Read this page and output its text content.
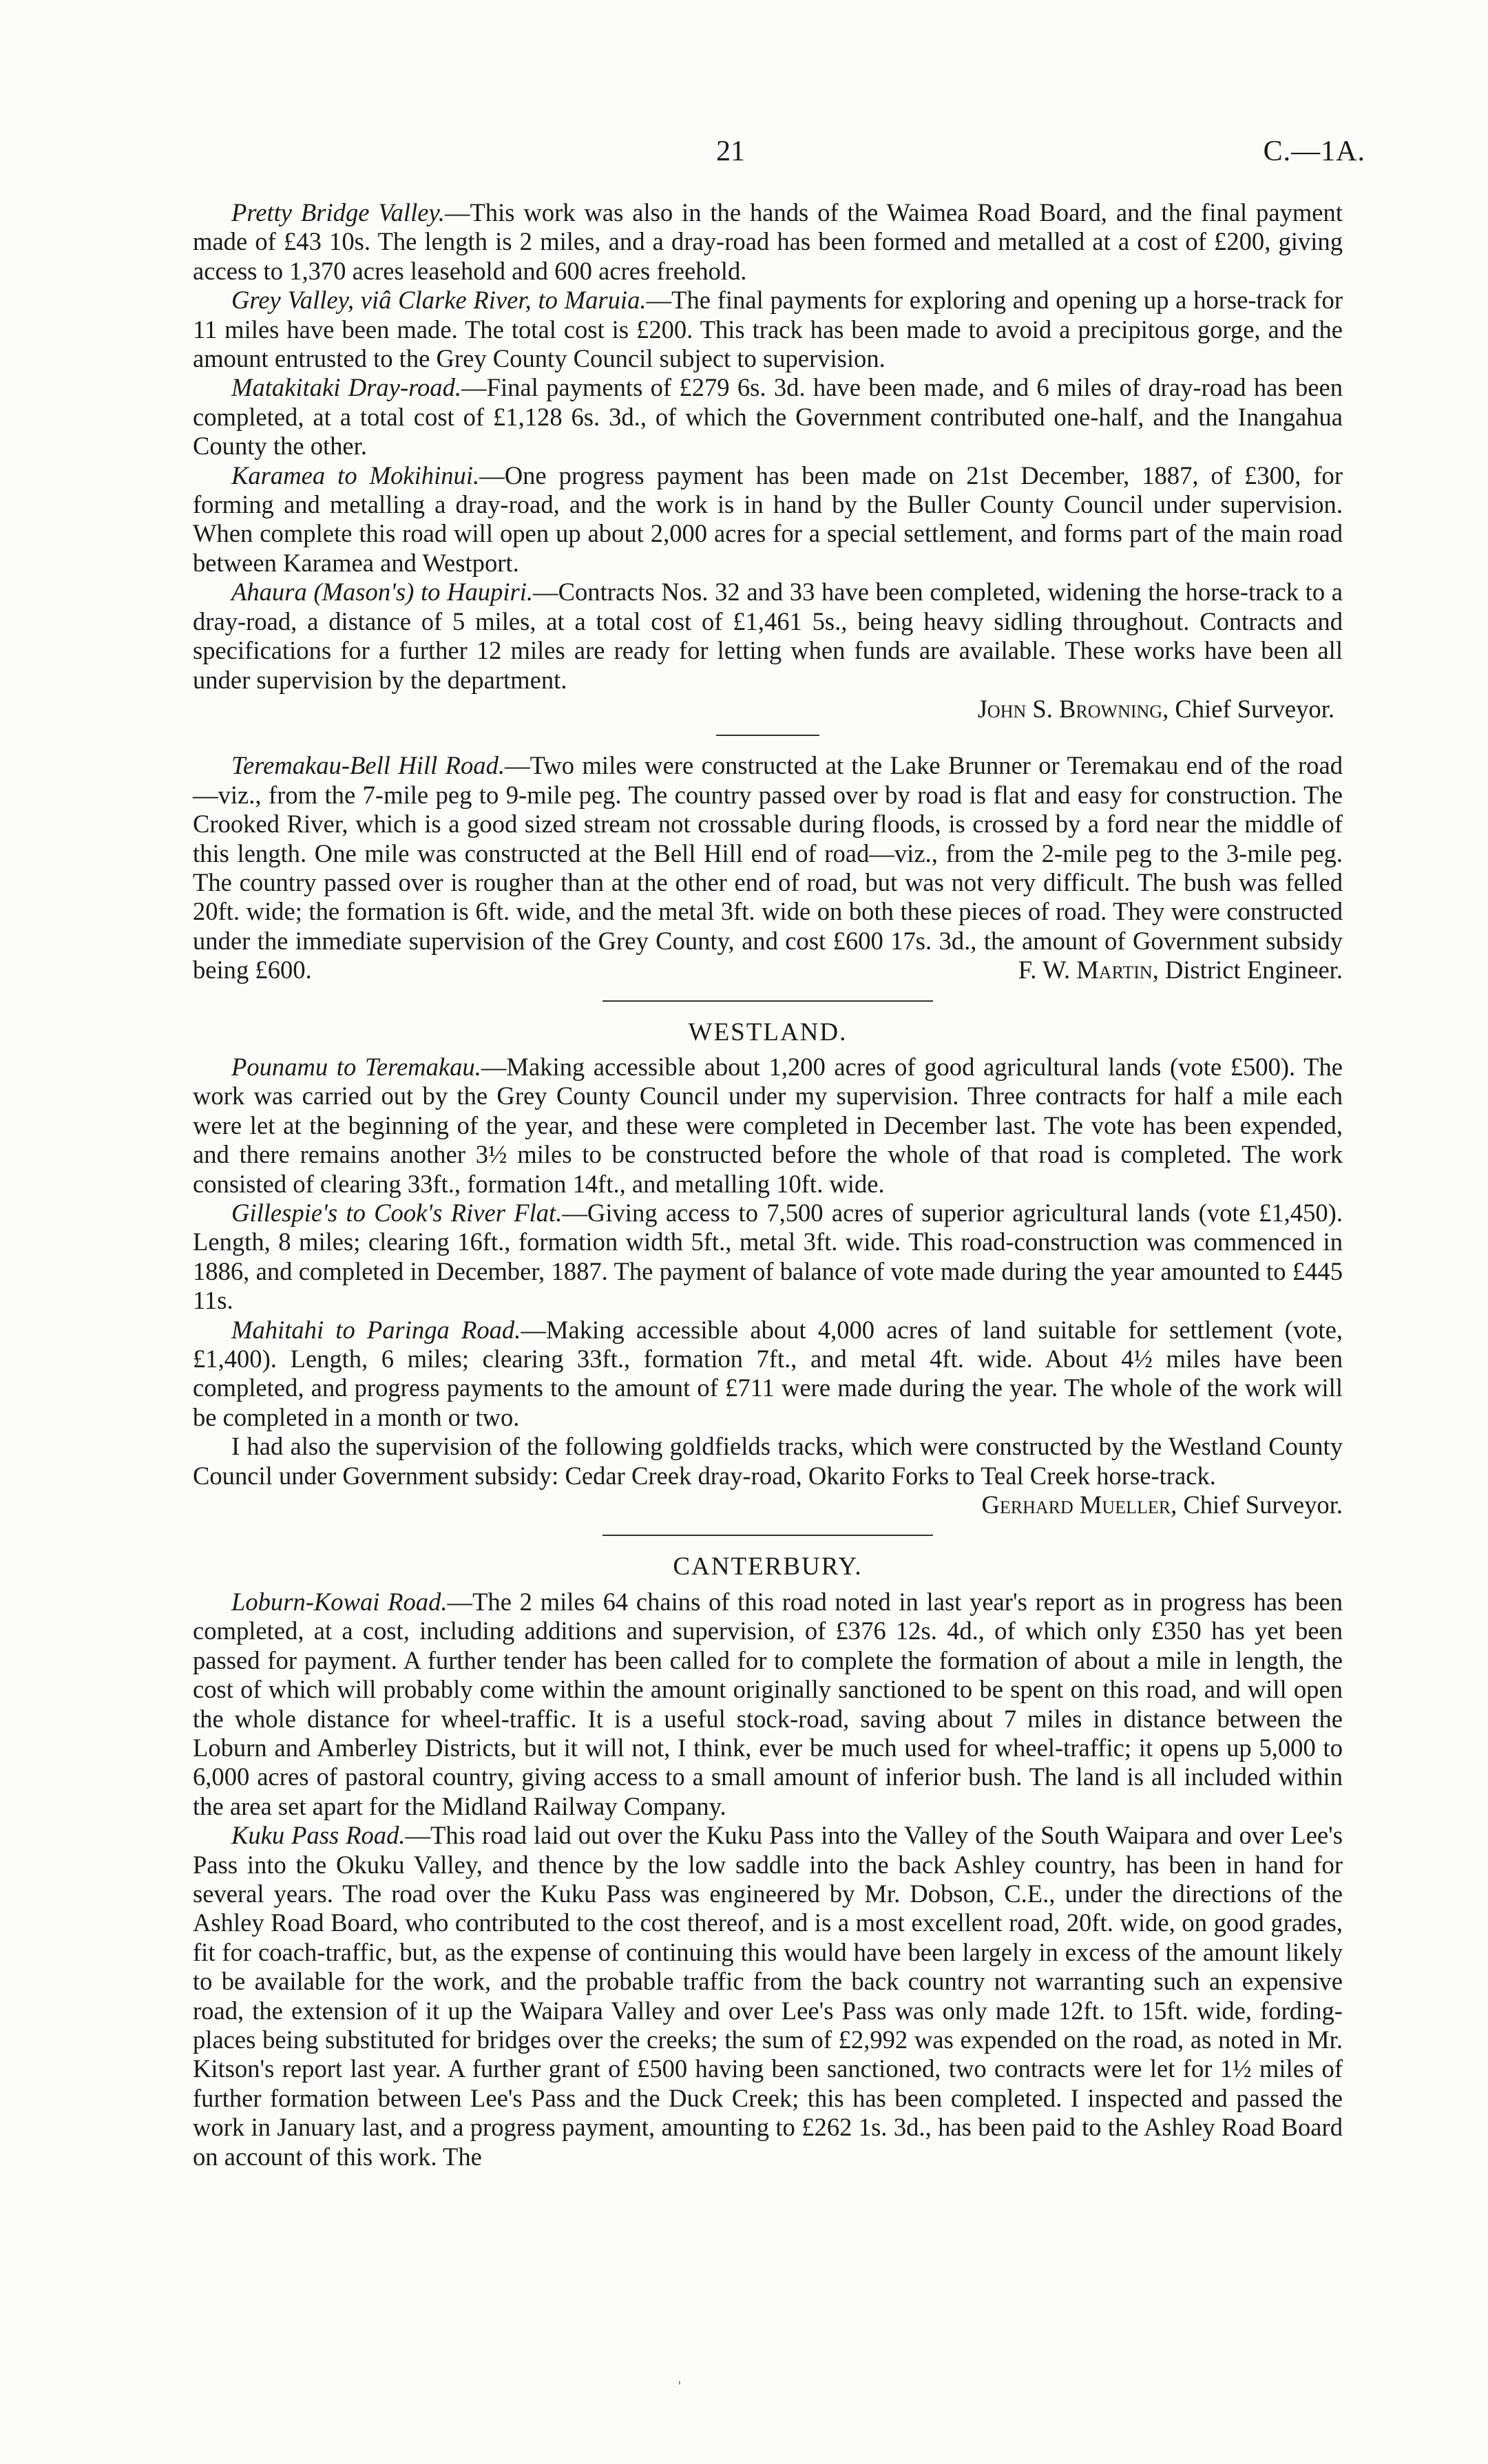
21	C.—1A.

Pretty Bridge Valley.—This work was also in the hands of the Waimea Road Board, and the final payment made of £43 10s. The length is 2 miles, and a dray-road has been formed and metalled at a cost of £200, giving access to 1,370 acres leasehold and 600 acres freehold.

Grey Valley, viâ Clarke River, to Maruia.—The final payments for exploring and opening up a horse-track for 11 miles have been made. The total cost is £200. This track has been made to avoid a precipitous gorge, and the amount entrusted to the Grey County Council subject to supervision.

Matakitaki Dray-road.—Final payments of £279 6s. 3d. have been made, and 6 miles of dray-road has been completed, at a total cost of £1,128 6s. 3d., of which the Government contributed one-half, and the Inangahua County the other.

Karamea to Mokihinui.—One progress payment has been made on 21st December, 1887, of £300, for forming and metalling a dray-road, and the work is in hand by the Buller County Council under supervision. When complete this road will open up about 2,000 acres for a special settlement, and forms part of the main road between Karamea and Westport.

Ahaura (Mason's) to Haupiri.—Contracts Nos. 32 and 33 have been completed, widening the horse-track to a dray-road, a distance of 5 miles, at a total cost of £1,461 5s., being heavy sidling throughout. Contracts and specifications for a further 12 miles are ready for letting when funds are available. These works have been all under supervision by the department.

John S. Browning, Chief Surveyor.

Teremakau-Bell Hill Road.—Two miles were constructed at the Lake Brunner or Teremakau end of the road—viz., from the 7-mile peg to 9-mile peg. The country passed over by road is flat and easy for construction. The Crooked River, which is a good sized stream not crossable during floods, is crossed by a ford near the middle of this length. One mile was constructed at the Bell Hill end of road—viz., from the 2-mile peg to the 3-mile peg. The country passed over is rougher than at the other end of road, but was not very difficult. The bush was felled 20ft. wide; the formation is 6ft. wide, and the metal 3ft. wide on both these pieces of road. They were constructed under the immediate supervision of the Grey County, and cost £600 17s. 3d., the amount of Government subsidy being £600.	F. W. Martin, District Engineer.

WESTLAND.

Pounamu to Teremakau.—Making accessible about 1,200 acres of good agricultural lands (vote £500). The work was carried out by the Grey County Council under my supervision. Three contracts for half a mile each were let at the beginning of the year, and these were completed in December last. The vote has been expended, and there remains another 3½ miles to be constructed before the whole of that road is completed. The work consisted of clearing 33ft., formation 14ft., and metalling 10ft. wide.

Gillespie's to Cook's River Flat.—Giving access to 7,500 acres of superior agricultural lands (vote £1,450). Length, 8 miles; clearing 16ft., formation width 5ft., metal 3ft. wide. This road-construction was commenced in 1886, and completed in December, 1887. The payment of balance of vote made during the year amounted to £445 11s.

Mahitahi to Paringa Road.—Making accessible about 4,000 acres of land suitable for settlement (vote, £1,400). Length, 6 miles; clearing 33ft., formation 7ft., and metal 4ft. wide. About 4½ miles have been completed, and progress payments to the amount of £711 were made during the year. The whole of the work will be completed in a month or two.

I had also the supervision of the following goldfields tracks, which were constructed by the Westland County Council under Government subsidy: Cedar Creek dray-road, Okarito Forks to Teal Creek horse-track.
Gerhard Mueller, Chief Surveyor.

CANTERBURY.

Loburn-Kowai Road.—The 2 miles 64 chains of this road noted in last year's report as in progress has been completed, at a cost, including additions and supervision, of £376 12s. 4d., of which only £350 has yet been passed for payment. A further tender has been called for to complete the formation of about a mile in length, the cost of which will probably come within the amount originally sanctioned to be spent on this road, and will open the whole distance for wheel-traffic. It is a useful stock-road, saving about 7 miles in distance between the Loburn and Amberley Districts, but it will not, I think, ever be much used for wheel-traffic; it opens up 5,000 to 6,000 acres of pastoral country, giving access to a small amount of inferior bush. The land is all included within the area set apart for the Midland Railway Company.

Kuku Pass Road.—This road laid out over the Kuku Pass into the Valley of the South Waipara and over Lee's Pass into the Okuku Valley, and thence by the low saddle into the back Ashley country, has been in hand for several years. The road over the Kuku Pass was engineered by Mr. Dobson, C.E., under the directions of the Ashley Road Board, who contributed to the cost thereof, and is a most excellent road, 20ft. wide, on good grades, fit for coach-traffic, but, as the expense of continuing this would have been largely in excess of the amount likely to be available for the work, and the probable traffic from the back country not warranting such an expensive road, the extension of it up the Waipara Valley and over Lee's Pass was only made 12ft. to 15ft. wide, fording-places being substituted for bridges over the creeks; the sum of £2,992 was expended on the road, as noted in Mr. Kitson's report last year. A further grant of £500 having been sanctioned, two contracts were let for 1½ miles of further formation between Lee's Pass and the Duck Creek; this has been completed. I inspected and passed the work in January last, and a progress payment, amounting to £262 1s. 3d., has been paid to the Ashley Road Board on account of this work. The

'
